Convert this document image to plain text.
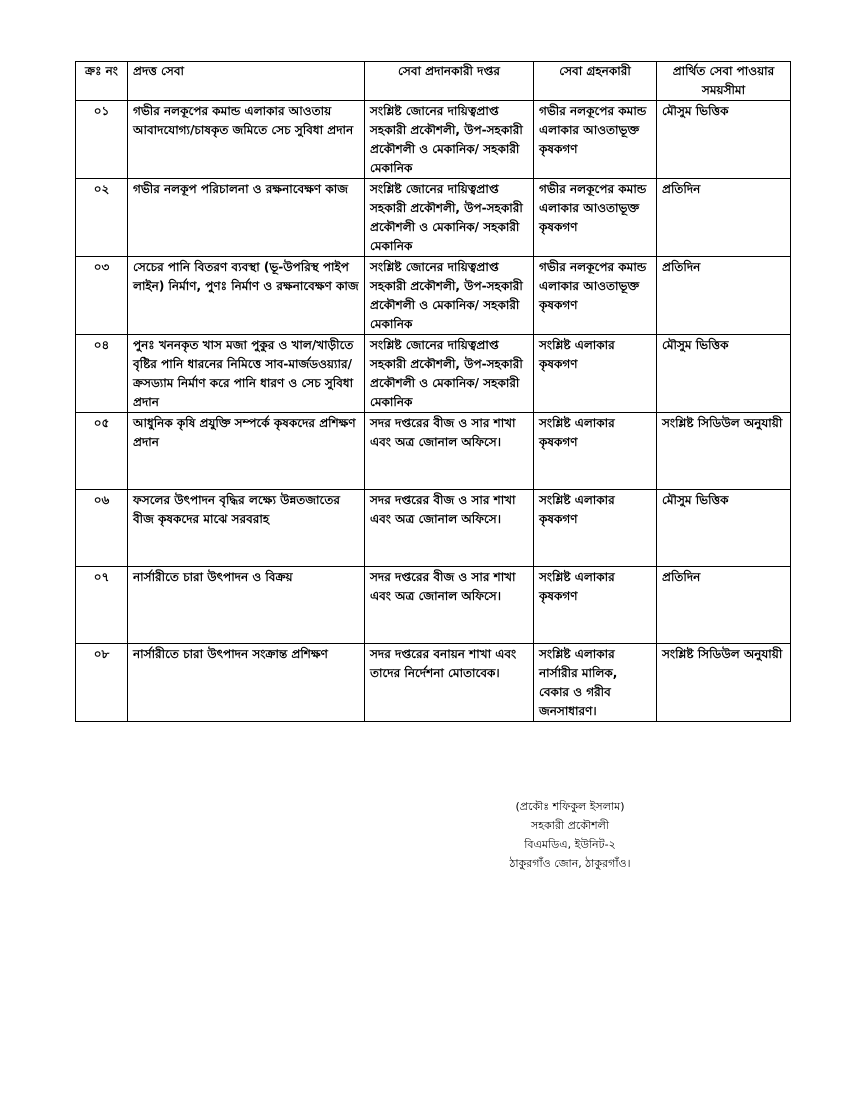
ক্রঃ নং	প্রদত্ত সেবা	সেবা প্রদানকারী দপ্তর	সেবা গ্রহনকারী	প্রার্থিত সেবা পাওয়ার সময়সীমা
০১	গভীর নলকূপের কমান্ড এলাকার আওতায় আবাদযোগ্য/চাষকৃত জমিতে সেচ সুবিধা প্রদান	সংশ্লিষ্ট জোনের দায়িত্বপ্রাপ্ত সহকারী প্রকৌশলী, উপ-সহকারী প্রকৌশলী ও মেকানিক/ সহকারী মেকানিক	গভীর নলকূপের কমান্ড এলাকার আওতাভূক্ত কৃষকগণ	মৌসুম ভিত্তিক
০২	গভীর নলকূপ পরিচালনা ও রক্ষনাবেক্ষণ কাজ	সংশ্লিষ্ট জোনের দায়িত্বপ্রাপ্ত সহকারী প্রকৌশলী, উপ-সহকারী প্রকৌশলী ও মেকানিক/ সহকারী মেকানিক	গভীর নলকূপের কমান্ড এলাকার আওতাভূক্ত কৃষকগণ	প্রতিদিন
০৩	সেচের পানি বিতরণ ব্যবস্থা (ভূ-উপরিস্থ পাইপ লাইন) নির্মাণ, পুণঃ নির্মাণ ও রক্ষনাবেক্ষণ কাজ	সংশ্লিষ্ট জোনের দায়িত্বপ্রাপ্ত সহকারী প্রকৌশলী, উপ-সহকারী প্রকৌশলী ও মেকানিক/ সহকারী মেকানিক	গভীর নলকূপের কমান্ড এলাকার আওতাভূক্ত কৃষকগণ	প্রতিদিন
০৪	পুনঃ খননকৃত খাস মজা পুকুর ও খাল/খাড়ীতে বৃষ্টির পানি ধারনের নিমিত্তে সাব-মার্জডওয়্যার/ ক্রসড্যাম নির্মাণ করে পানি ধারণ ও সেচ সুবিধা প্রদান	সংশ্লিষ্ট জোনের দায়িত্বপ্রাপ্ত সহকারী প্রকৌশলী, উপ-সহকারী প্রকৌশলী ও মেকানিক/ সহকারী মেকানিক	সংশ্লিষ্ট এলাকার কৃষকগণ	মৌসুম ভিত্তিক
০৫	আধুনিক কৃষি প্রযুক্তি সম্পর্কে কৃষকদের প্রশিক্ষণ প্রদান	সদর দপ্তরের বীজ ও সার শাখা এবং অত্র জোনাল অফিসে।	সংশ্লিষ্ট এলাকার কৃষকগণ	সংশ্লিষ্ট সিডিউল অনুযায়ী
০৬	ফসলের উৎপাদন বৃদ্ধির লক্ষ্যে উন্নতজাতের বীজ কৃষকদের মাঝে সরবরাহ	সদর দপ্তরের বীজ ও সার শাখা এবং অত্র জোনাল অফিসে।	সংশ্লিষ্ট এলাকার কৃষকগণ	মৌসুম ভিত্তিক
০৭	নার্সারীতে চারা উৎপাদন ও বিক্রয়	সদর দপ্তরের বীজ ও সার শাখা এবং অত্র জোনাল অফিসে।	সংশ্লিষ্ট এলাকার কৃষকগণ	প্রতিদিন
০৮	নার্সারীতে চারা উৎপাদন সংক্রান্ত প্রশিক্ষণ	সদর দপ্তরের বনায়ন শাখা এবং তাদের নির্দেশনা মোতাবেক।	সংশ্লিষ্ট এলাকার নার্সারীর মালিক, বেকার ও গরীব জনসাধারণ।	সংশ্লিষ্ট সিডিউল অনুযায়ী
(প্রকৌঃ শফিকুল ইসলাম)
সহকারী প্রকৌশলী
বিএমডিএ, ইউনিট-২
ঠাকুরগাঁও জোন, ঠাকুরগাঁও।
